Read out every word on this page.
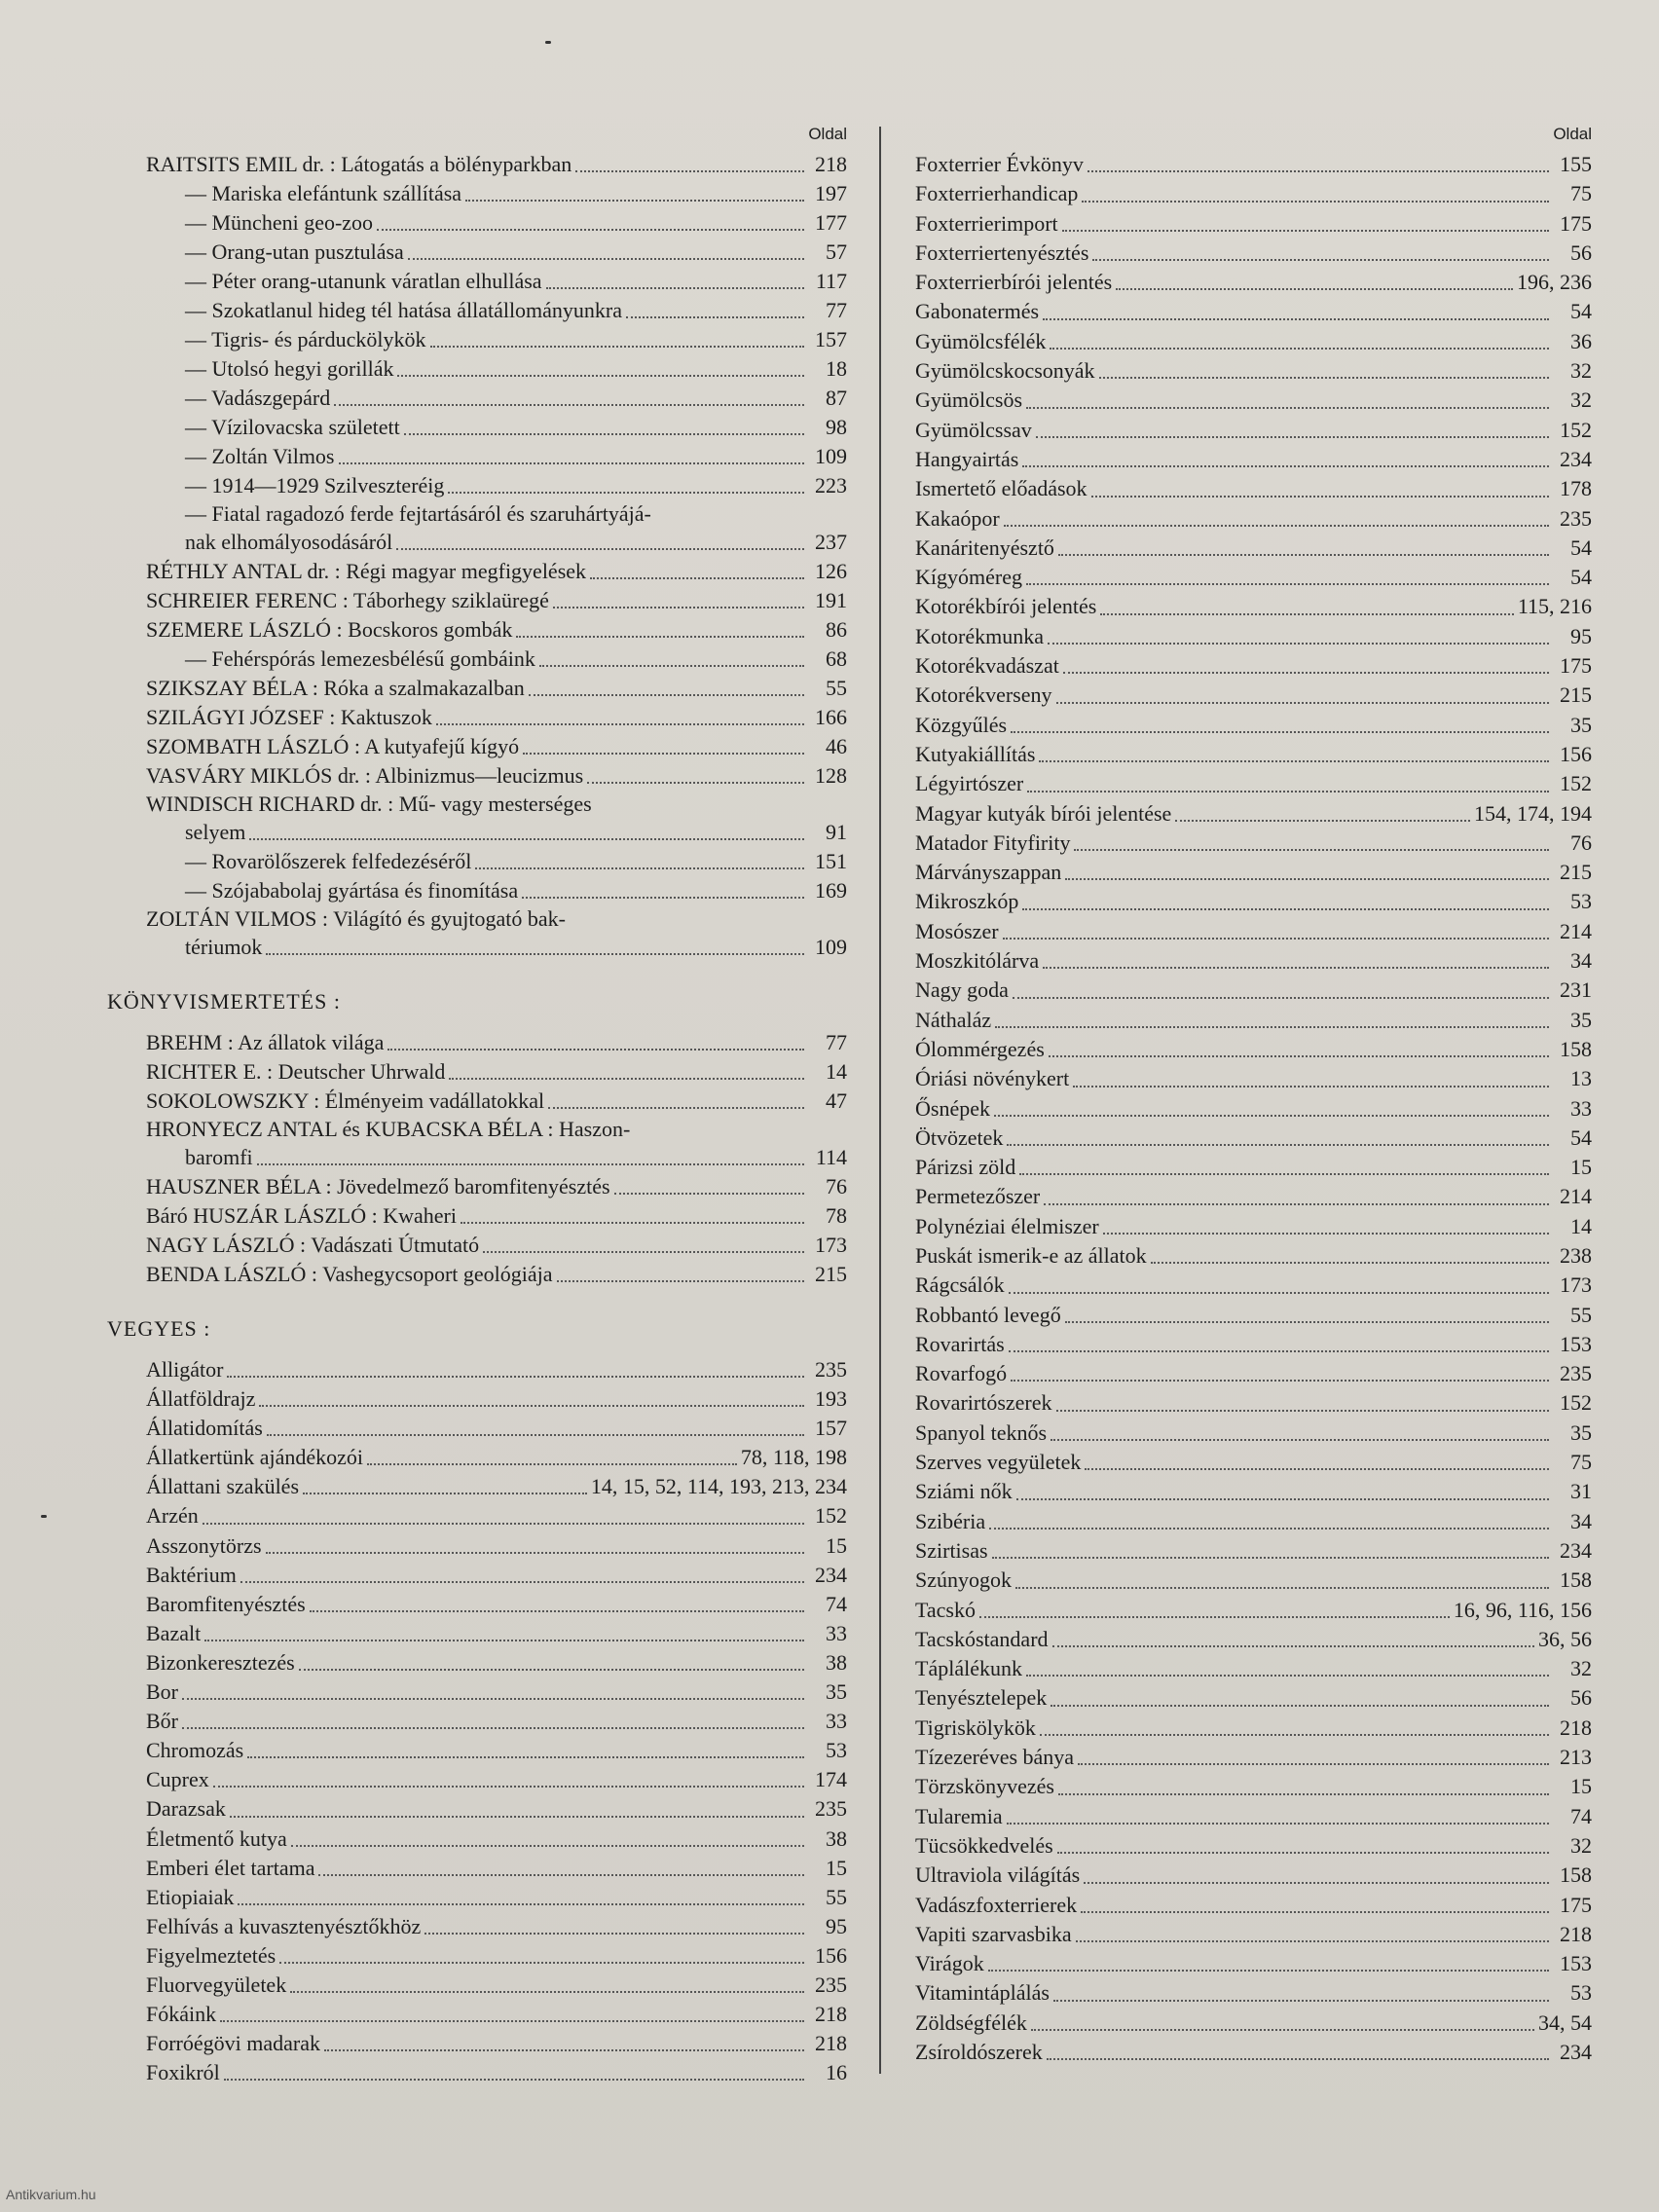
Oldal
RAITSITS EMIL dr. : Látogatás a bölényparkban	218
— Mariska elefántunk szállítása	197
— Müncheni geo-zoo	177
— Orang-utan pusztulása	57
— Péter orang-utanunk váratlan elhullása	117
— Szokatlanul hideg tél hatása állatállományunkra	77
— Tigris- és párduckölykök	157
— Utolsó hegyi gorillák	18
— Vadászgepárd	87
— Vízilovacska született	98
— Zoltán Vilmos	109
— 1914—1929 Szilveszteréig	223
— Fiatal ragadozó ferde fejtartásáról és szaruhártyájá-
nak elhomályosodásáról	237
RÉTHLY ANTAL dr. : Régi magyar megfigyelések	126
SCHREIER FERENC : Táborhegy sziklaüregé	191
SZEMERE LÁSZLÓ : Bocskoros gombák	86
— Fehérspórás lemezesbélésű gombáink	68
SZIKSZAY BÉLA : Róka a szalmakazalban	55
SZILÁGYI JÓZSEF : Kaktuszok	166
SZOMBATH LÁSZLÓ : A kutyafejű kígyó	46
VASVÁRY MIKLÓS dr. : Albinizmus—leucizmus	128
WINDISCH RICHARD dr. : Mű- vagy mesterséges
selyem	91
— Rovarölőszerek felfedezéséről	151
— Szójababolaj gyártása és finomítása	169
ZOLTÁN VILMOS : Világító és gyujtogató bak-
tériumok	109
KÖNYVISMERTETÉS :
BREHM : Az állatok világa	77
RICHTER E. : Deutscher Uhrwald	14
SOKOLOWSZKY : Élményeim vadállatokkal	47
HRONYECZ ANTAL és KUBACSKA BÉLA : Haszon-
baromfi	114
HAUSZNER BÉLA : Jövedelmező baromfitenyésztés	76
Báró HUSZÁR LÁSZLÓ : Kwaheri	78
NAGY LÁSZLÓ : Vadászati Útmutató	173
BENDA LÁSZLÓ : Vashegycsoport geológiája	215
VEGYES :
Alligátor	235
Állatföldrajz	193
Állatidomítás	157
Állatkertünk ajándékozói	78, 118, 198
Állattani szakülés	14, 15, 52, 114, 193, 213, 234
Arzén	152
Asszonytörzs	15
Baktérium	234
Baromfitenyésztés	74
Bazalt	33
Bizonkeresztezés	38
Bor	35
Bőr	33
Chromozás	53
Cuprex	174
Darazsak	235
Életmentő kutya	38
Emberi élet tartama	15
Etiopiaiak	55
Felhívás a kuvasztenyésztőkhöz	95
Figyelmeztetés	156
Fluorvegyületek	235
Fókáink	218
Forróégövi madarak	218
Foxikról	16
Oldal
Foxterrier Évkönyv	155
Foxterrierhandicap	75
Foxterrierimport	175
Foxterriertenyésztés	56
Foxterrierbírói jelentés	196, 236
Gabonatermés	54
Gyümölcsfélék	36
Gyümölcskocsonyák	32
Gyümölcsös	32
Gyümölcssav	152
Hangyairtás	234
Ismertető előadások	178
Kakaópor	235
Kanáritenyésztő	54
Kígyóméreg	54
Kotorékbírói jelentés	115, 216
Kotorékmunka	95
Kotorékvadászat	175
Kotorékverseny	215
Közgyűlés	35
Kutyakiállítás	156
Légyirtószer	152
Magyar kutyák bírói jelentése	154, 174, 194
Matador Fityfirity	76
Márványszappan	215
Mikroszkóp	53
Mosószer	214
Moszkitólárva	34
Nagy goda	231
Náthaláz	35
Ólommérgezés	158
Óriási növénykert	13
Ősnépek	33
Ötvözetek	54
Párizsi zöld	15
Permetezőszer	214
Polynéziai élelmiszer	14
Puskát ismerik-e az állatok	238
Rágcsálók	173
Robbantó levegő	55
Rovarirtás	153
Rovarfogó	235
Rovarirtószerek	152
Spanyol teknős	35
Szerves vegyületek	75
Sziámi nők	31
Szibéria	34
Szirtisas	234
Szúnyogok	158
Tacskó	16, 96, 116, 156
Tacskóstandard	36, 56
Táplálékunk	32
Tenyésztelepek	56
Tigriskölykök	218
Tízezeréves bánya	213
Törzskönyvezés	15
Tularemia	74
Tücsökkedvelés	32
Ultraviola világítás	158
Vadászfoxterrierek	175
Vapiti szarvasbika	218
Virágok	153
Vitamintáplálás	53
Zöldségfélék	34, 54
Zsíroldószerek	234
Antikvarium.hu
